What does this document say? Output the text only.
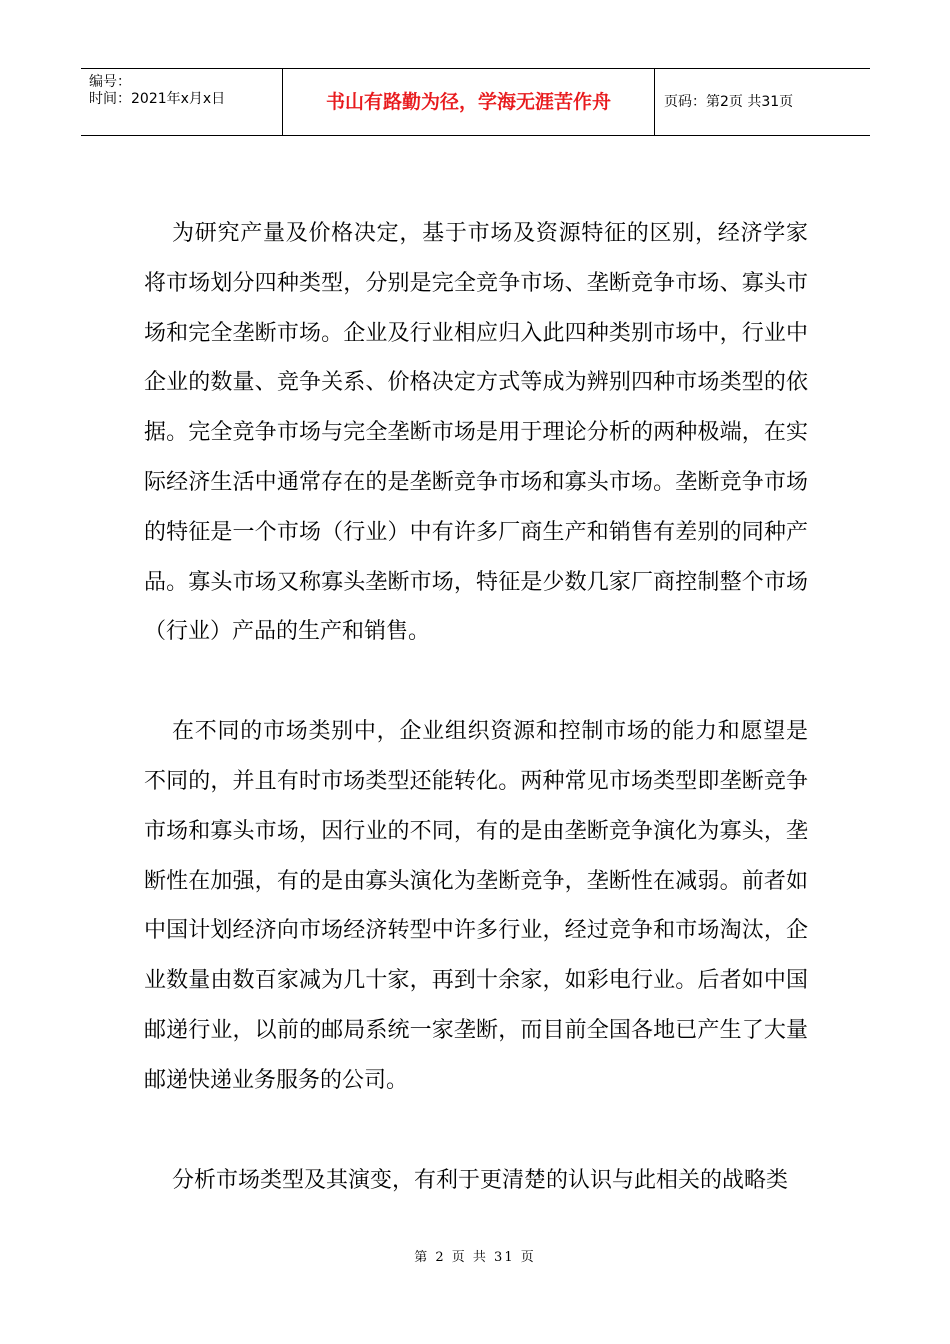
编号：
时间：2021年x月x日	书山有路勤为径，学海无涯苦作舟	页码：第2页 共31页

为研究产量及价格决定，基于市场及资源特征的区别，经济学家将市场划分四种类型，分别是完全竞争市场、垄断竞争市场、寡头市场和完全垄断市场。企业及行业相应归入此四种类别市场中，行业中企业的数量、竞争关系、价格决定方式等成为辨别四种市场类型的依据。完全竞争市场与完全垄断市场是用于理论分析的两种极端，在实际经济生活中通常存在的是垄断竞争市场和寡头市场。垄断竞争市场的特征是一个市场（行业）中有许多厂商生产和销售有差别的同种产品。寡头市场又称寡头垄断市场，特征是少数几家厂商控制整个市场（行业）产品的生产和销售。

在不同的市场类别中，企业组织资源和控制市场的能力和愿望是不同的，并且有时市场类型还能转化。两种常见市场类型即垄断竞争市场和寡头市场，因行业的不同，有的是由垄断竞争演化为寡头，垄断性在加强，有的是由寡头演化为垄断竞争，垄断性在减弱。前者如中国计划经济向市场经济转型中许多行业，经过竞争和市场淘汰，企业数量由数百家减为几十家，再到十余家，如彩电行业。后者如中国邮递行业，以前的邮局系统一家垄断，而目前全国各地已产生了大量邮递快递业务服务的公司。

分析市场类型及其演变，有利于更清楚的认识与此相关的战略类

第 2 页 共 31 页
